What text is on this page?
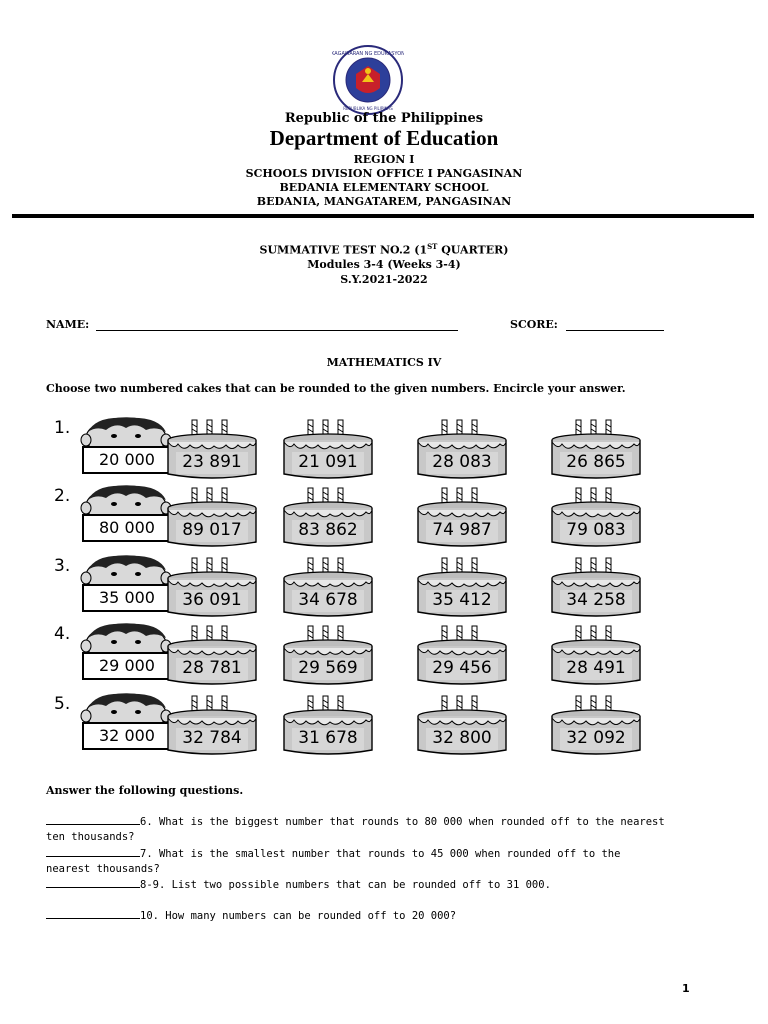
KAGAWARAN NG EDUKASYON
REPUBLIKA NG PILIPINAS
Republic of the Philippines
Department of Education
REGION I
SCHOOLS DIVISION OFFICE I PANGASINAN
BEDANIA ELEMENTARY SCHOOL
BEDANIA, MANGATAREM, PANGASINAN
SUMMATIVE TEST NO.2 (1ST QUARTER)
Modules 3-4 (Weeks 3-4)
S.Y.2021-2022
NAME:	SCORE:
MATHEMATICS IV
Choose two numbered cakes that can be rounded to the given numbers. Encircle your answer.
1.
20 000	23 891	21 091	28 083	26 865
2.
80 000	89 017	83 862	74 987	79 083
3.
35 000	36 091	34 678	35 412	34 258
4.
29 000	28 781	29 569	29 456	28 491
5.
32 000	32 784	31 678	32 800	32 092
Answer the following questions.
6. What is the biggest number that rounds to 80 000 when rounded off to the nearest
ten thousands?
7. What is the smallest number that rounds to 45 000 when rounded off to the
nearest thousands?
8-9. List two possible numbers that can be rounded off to 31 000.
10. How many numbers can be rounded off to 20 000?
1
